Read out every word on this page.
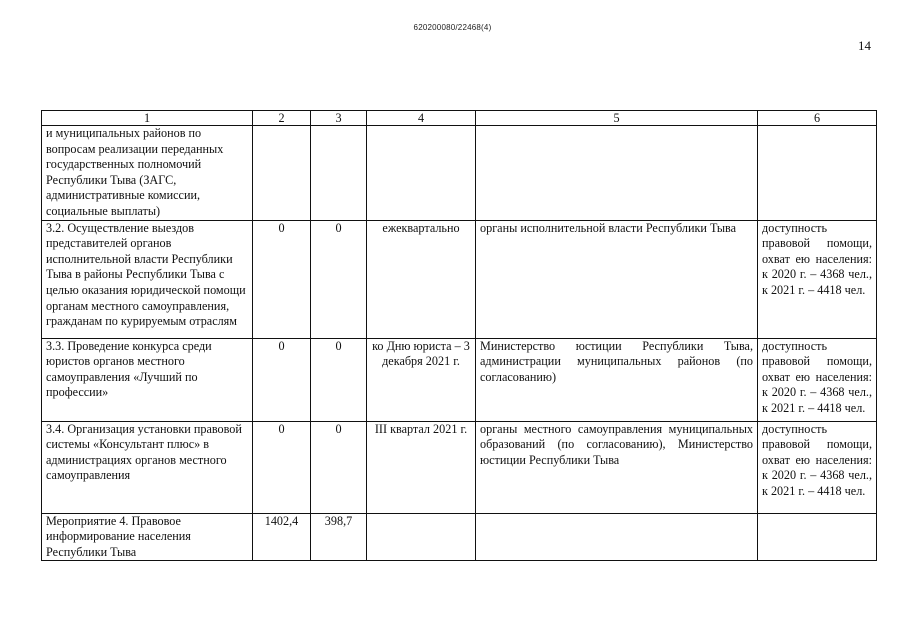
620200080/22468(4)
14
1	2	3	4	5	6
и муниципальных районов по вопросам реализации переданных государственных полномочий Республики Тыва (ЗАГС, административные комиссии, социальные выплаты)					
3.2. Осуществление выездов представителей органов исполнительной власти Республики Тыва в районы Республики Тыва с целью оказания юридической помощи органам местного самоуправления, гражданам по курируемым отраслям	0	0	ежеквартально	органы исполнительной власти Республики Тыва	доступность правовой помощи, охват ею населения: к 2020 г. – 4368 чел., к 2021 г. – 4418 чел.
3.3. Проведение конкурса среди юристов органов местного самоуправления «Лучший по профессии»	0	0	ко Дню юриста – 3 декабря 2021 г.	Министерство юстиции Республики Тыва, администрации муниципальных районов (по согласованию)	доступность правовой помощи, охват ею населения: к 2020 г. – 4368 чел., к 2021 г. – 4418 чел.
3.4. Организация установки правовой системы «Консультант плюс» в администрациях органов местного самоуправления	0	0	III квартал 2021 г.	органы местного самоуправления муниципальных образований (по согласованию), Министерство юстиции Республики Тыва	доступность правовой помощи, охват ею населения: к 2020 г. – 4368 чел., к 2021 г. – 4418 чел.
Мероприятие 4. Правовое информирование населения Республики Тыва	1402,4	398,7			
